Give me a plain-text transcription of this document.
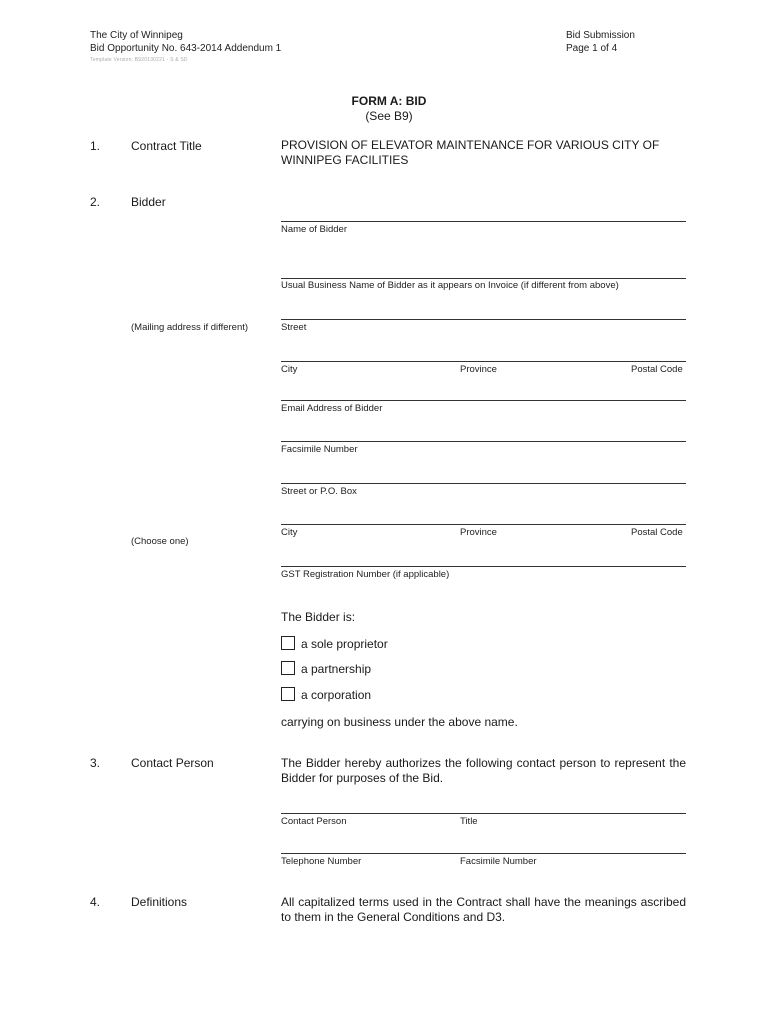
The City of Winnipeg
Bid Opportunity No. 643-2014 Addendum 1
Template Version: B920130221 - S & SD
Bid Submission
Page 1 of 4
FORM A: BID
(See B9)
1.	Contract Title	PROVISION OF ELEVATOR MAINTENANCE FOR VARIOUS CITY OF
WINNIPEG FACILITIES
2.	Bidder
Name of Bidder
Usual Business Name of Bidder as it appears on Invoice (if different from above)
(Mailing address if different)	Street
City	Province	Postal Code
Email Address of Bidder
Facsimile Number
Street or P.O. Box
City	Province	Postal Code
(Choose one)
GST Registration Number (if applicable)
The Bidder is:
a sole proprietor
a partnership
a corporation
carrying on business under the above name.
3.	Contact Person	The Bidder hereby authorizes the following contact person to represent the Bidder for purposes of the Bid.
Contact Person	Title
Telephone Number	Facsimile Number
4.	Definitions	All capitalized terms used in the Contract shall have the meanings ascribed to them in the General Conditions and D3.
